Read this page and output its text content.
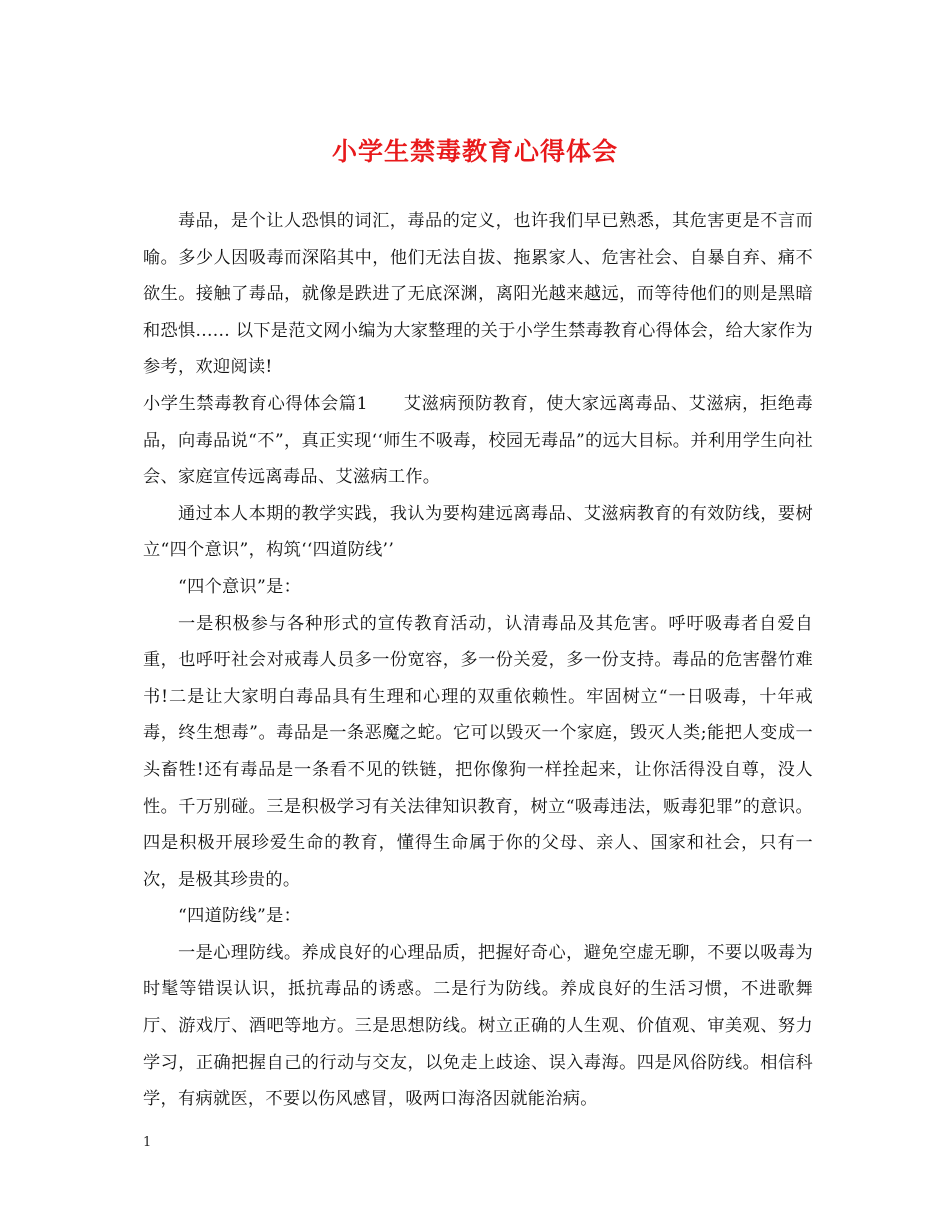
小学生禁毒教育心得体会

毒品，是个让人恐惧的词汇，毒品的定义，也许我们早已熟悉，其危害更是不言而喻。多少人因吸毒而深陷其中，他们无法自拔、拖累家人、危害社会、自暴自弃、痛不欲生。接触了毒品，就像是跌进了无底深渊，离阳光越来越远，而等待他们的则是黑暗和恐惧...... 以下是范文网小编为大家整理的关于小学生禁毒教育心得体会，给大家作为参考，欢迎阅读!

小学生禁毒教育心得体会篇1　　艾滋病预防教育，使大家远离毒品、艾滋病，拒绝毒品，向毒品说“不”，真正实现‘‘师生不吸毒，校园无毒品”的远大目标。并利用学生向社会、家庭宣传远离毒品、艾滋病工作。

通过本人本期的教学实践，我认为要构建远离毒品、艾滋病教育的有效防线，要树立“四个意识”，构筑‘‘四道防线’’

“四个意识”是：

一是积极参与各种形式的宣传教育活动，认清毒品及其危害。呼吁吸毒者自爱自重，也呼吁社会对戒毒人员多一份宽容，多一份关爱，多一份支持。毒品的危害罄竹难书!二是让大家明白毒品具有生理和心理的双重依赖性。牢固树立“一日吸毒，十年戒毒，终生想毒”。毒品是一条恶魔之蛇。它可以毁灭一个家庭，毁灭人类;能把人变成一头畜牲!还有毒品是一条看不见的铁链，把你像狗一样拴起来，让你活得没自尊，没人性。千万别碰。三是积极学习有关法律知识教育，树立“吸毒违法，贩毒犯罪”的意识。四是积极开展珍爱生命的教育，懂得生命属于你的父母、亲人、国家和社会，只有一次，是极其珍贵的。

“四道防线”是：

一是心理防线。养成良好的心理品质，把握好奇心，避免空虚无聊，不要以吸毒为时髦等错误认识，抵抗毒品的诱惑。二是行为防线。养成良好的生活习惯，不进歌舞厅、游戏厅、酒吧等地方。三是思想防线。树立正确的人生观、价值观、审美观、努力学习，正确把握自己的行动与交友，以免走上歧途、误入毒海。四是风俗防线。相信科学，有病就医，不要以伤风感冒，吸两口海洛因就能治病。

1
